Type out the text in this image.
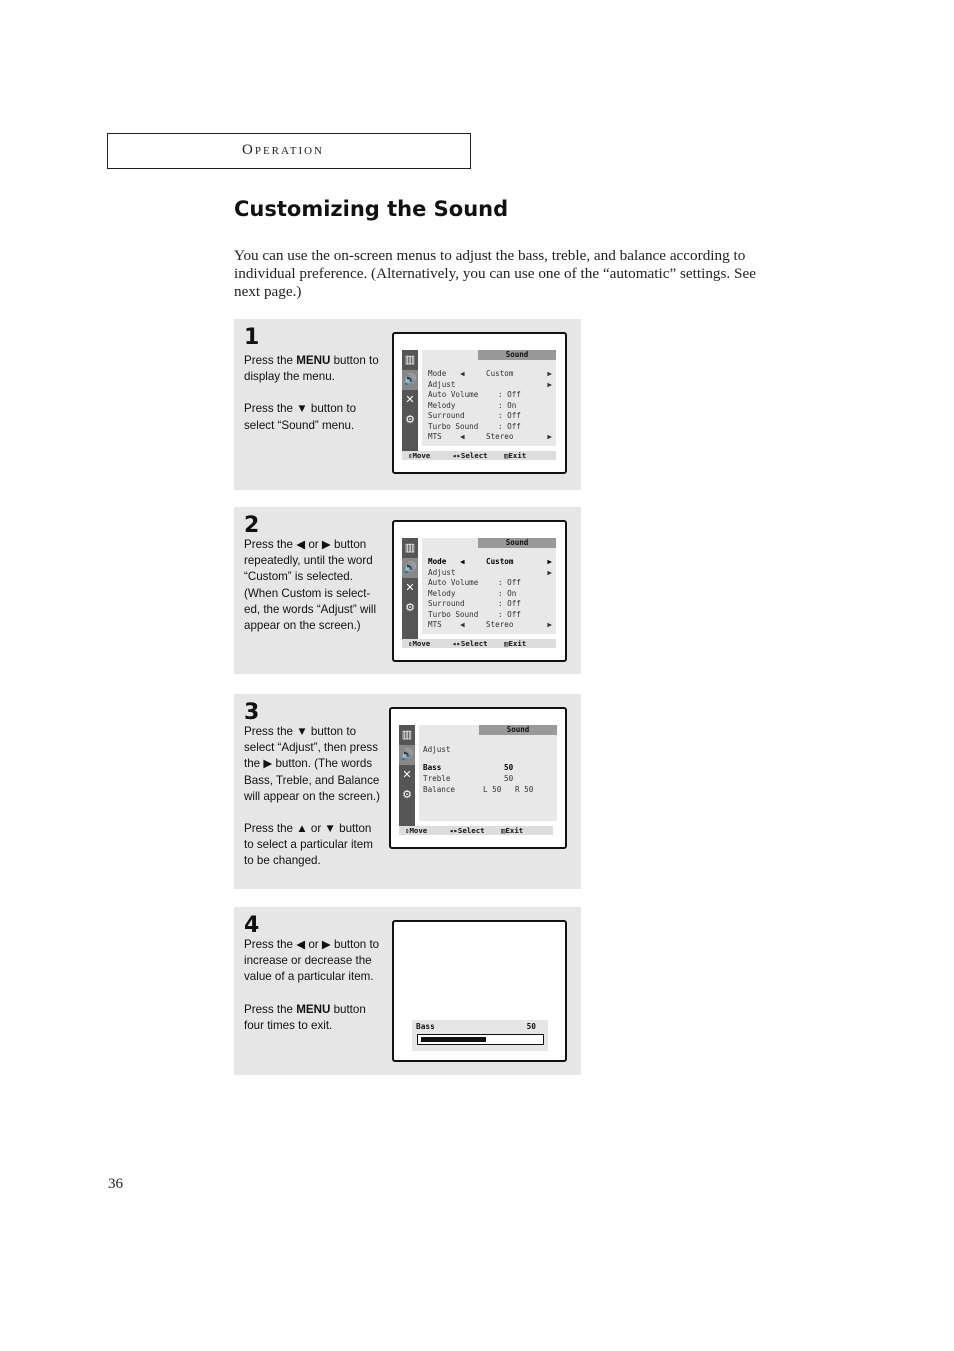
Operation
Customizing the Sound

You can use the on-screen menus to adjust the bass, treble, and balance according to individual preference. (Alternatively, you can use one of the “automatic” settings. See next page.)

1

Press the MENU button to display the menu.

Press the ▼ button to select “Sound” menu.

▥
🔊
✕
⚙
Sound
Mode ◀	Custom	▶
Adjust	▶
Auto Volume	: Off
Melody	: On
Surround	: Off
Turbo Sound	: Off
MTS ◀	Stereo	▶
⇕Move	◂▸Select ▥Exit
2

Press the ◀ or ▶ button repeatedly, until the word “Custom” is selected. (When Custom is select-ed, the words “Adjust” will appear on the screen.)

▥
🔊
✕
⚙
Sound
Mode ◀	Custom	▶
Adjust	▶
Auto Volume	: Off
Melody	: On
Surround	: Off
Turbo Sound	: Off
MTS ◀	Stereo	▶
⇕Move	◂▸Select ▥Exit
3

Press the ▼ button to select “Adjust”, then press the ▶ button. (The words Bass, Treble, and Balance will appear on the screen.)

Press the ▲ or ▼ button to select a particular item to be changed.

▥
🔊
✕
⚙
Sound
Adjust
Bass	50
Treble	50
Balance	L 50 R 50
⇕Move	◂▸Select ▥Exit
4

Press the ◀ or ▶ button to increase or decrease the value of a particular item.

Press the MENU button four times to exit.	Bass	50
36
